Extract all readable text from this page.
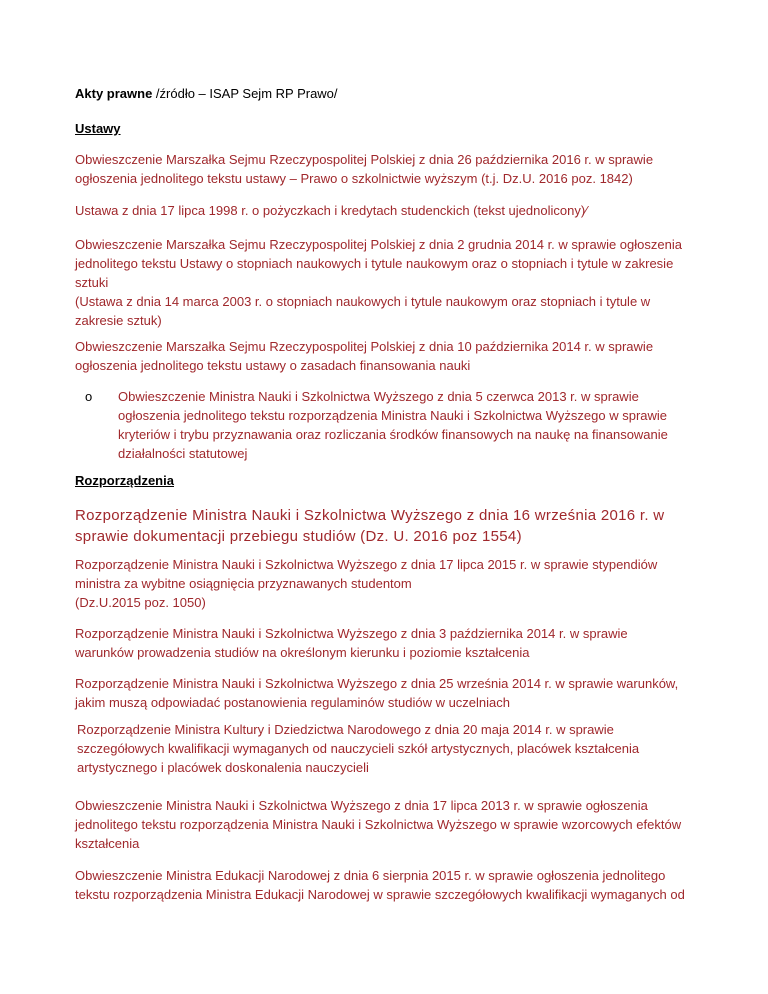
Akty prawne /źródło – ISAP Sejm RP Prawo/

Ustawy

Obwieszczenie Marszałka Sejmu Rzeczypospolitej Polskiej z dnia 26 października 2016 r. w sprawie ogłoszenia jednolitego tekstu ustawy – Prawo o szkolnictwie wyższym (t.j. Dz.U. 2016 poz. 1842)

Ustawa z dnia 17 lipca 1998 r. o pożyczkach i kredytach studenckich (tekst ujednolicony)⁄

Obwieszczenie Marszałka Sejmu Rzeczypospolitej Polskiej z dnia 2 grudnia 2014 r. w sprawie ogłoszenia jednolitego tekstu Ustawy o stopniach naukowych i tytule naukowym oraz o stopniach i tytule w zakresie sztuki
(Ustawa z dnia 14 marca 2003 r. o stopniach naukowych i tytule naukowym oraz stopniach i tytule w zakresie sztuk)

Obwieszczenie Marszałka Sejmu Rzeczypospolitej Polskiej z dnia 10 października 2014 r. w sprawie ogłoszenia jednolitego tekstu ustawy o zasadach finansowania nauki

o Obwieszczenie Ministra Nauki i Szkolnictwa Wyższego z dnia 5 czerwca 2013 r. w sprawie ogłoszenia jednolitego tekstu rozporządzenia Ministra Nauki i Szkolnictwa Wyższego w sprawie kryteriów i trybu przyznawania oraz rozliczania środków finansowych na naukę na finansowanie działalności statutowej

Rozporządzenia

Rozporządzenie Ministra Nauki i Szkolnictwa Wyższego z dnia 16 września 2016 r. w sprawie dokumentacji przebiegu studiów (Dz. U. 2016 poz 1554)

Rozporządzenie Ministra Nauki i Szkolnictwa Wyższego z dnia 17 lipca 2015 r. w sprawie stypendiów ministra za wybitne osiągnięcia przyznawanych studentom
(Dz.U.2015 poz. 1050)

Rozporządzenie Ministra Nauki i Szkolnictwa Wyższego z dnia 3 października 2014 r. w sprawie warunków prowadzenia studiów na określonym kierunku i poziomie kształcenia

Rozporządzenie Ministra Nauki i Szkolnictwa Wyższego z dnia 25 września 2014 r. w sprawie warunków, jakim muszą odpowiadać postanowienia regulaminów studiów w uczelniach

Rozporządzenie Ministra Kultury i Dziedzictwa Narodowego z dnia 20 maja 2014 r. w sprawie szczegółowych kwalifikacji wymaganych od nauczycieli szkół artystycznych, placówek kształcenia artystycznego i placówek doskonalenia nauczycieli

Obwieszczenie Ministra Nauki i Szkolnictwa Wyższego z dnia 17 lipca 2013 r. w sprawie ogłoszenia jednolitego tekstu rozporządzenia Ministra Nauki i Szkolnictwa Wyższego w sprawie wzorcowych efektów kształcenia

Obwieszczenie Ministra Edukacji Narodowej z dnia 6 sierpnia 2015 r. w sprawie ogłoszenia jednolitego tekstu rozporządzenia Ministra Edukacji Narodowej w sprawie szczegółowych kwalifikacji wymaganych od
